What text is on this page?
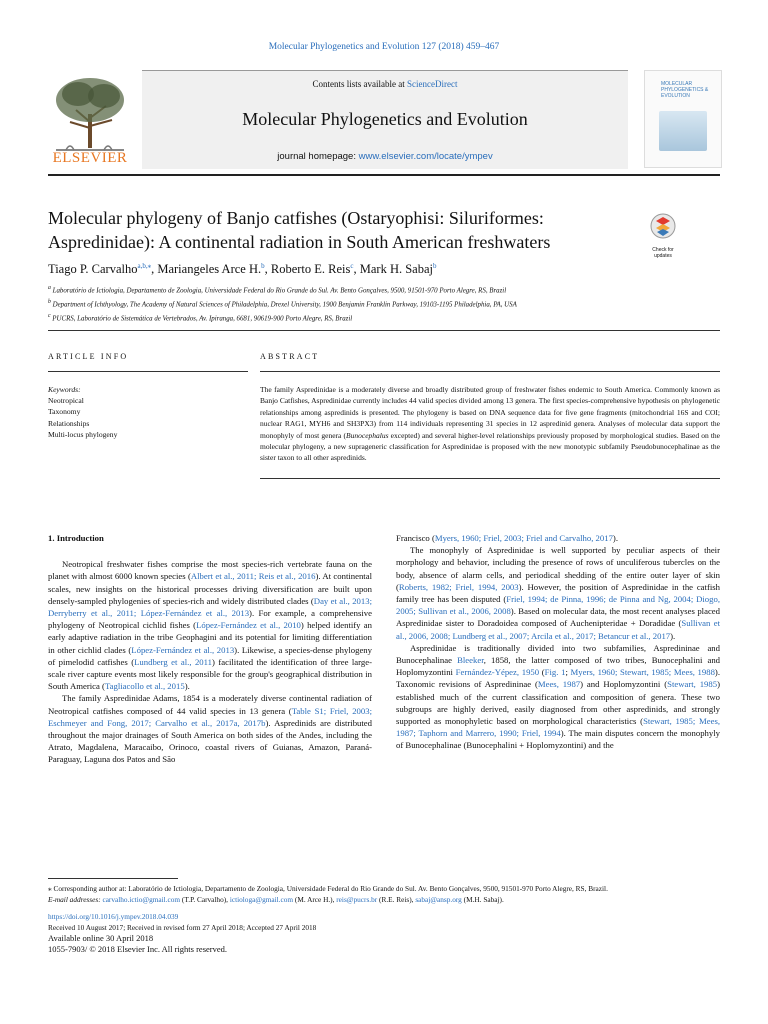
Molecular Phylogenetics and Evolution 127 (2018) 459–467
ELSEVIER
Contents lists available at ScienceDirect
Molecular Phylogenetics and Evolution
journal homepage: www.elsevier.com/locate/ympev
MOLECULAR PHYLOGENETICS & EVOLUTION
Molecular phylogeny of Banjo catfishes (Ostaryophisi: Siluriformes: Aspredinidae): A continental radiation in South American freshwaters	Check for updates
Tiago P. Carvalho$^{a,b,⁎}$, Mariangeles Arce H.$^b$, Roberto E. Reis$^c$, Mark H. Sabaj$^b$
$^a$ Laboratório de Ictiologia, Departamento de Zoologia, Universidade Federal do Rio Grande do Sul. Av. Bento Gonçalves, 9500, 91501-970 Porto Alegre, RS, Brazil
$^b$ Department of Ichthyology, The Academy of Natural Sciences of Philadelphia, Drexel University, 1900 Benjamin Franklin Parkway, 19103-1195 Philadelphia, PA, USA
$^c$ PUCRS, Laboratório de Sistemática de Vertebrados, Av. Ipiranga, 6681, 90619-900 Porto Alegre, RS, Brazil
ARTICLE INFO
Keywords:
Neotropical
Taxonomy
Relationships
Multi-locus phylogeny
ABSTRACT
The family Aspredinidae is a moderately diverse and broadly distributed group of freshwater fishes endemic to South America. Commonly known as Banjo Catfishes, Aspredinidae currently includes 44 valid species divided among 13 genera. The first species-comprehensive hypothesis on phylogenetic relationships among aspredinids is presented. The phylogeny is based on DNA sequence data for five gene fragments (mitochondrial 16S and COI; nuclear RAG1, MYH6 and SH3PX3) from 114 individuals representing 31 species in 12 aspredinid genera. Analyses of molecular data support the monophyly of most genera (Bunocephalus excepted) and several higher-level relationships previously proposed by morphological studies. Based on the molecular phylogeny, a new suprageneric classification for Aspredinidae is proposed with the new monotypic subfamily Pseudobunocephalinae as the sister taxon to all other aspredinids.
1. Introduction

Neotropical freshwater fishes comprise the most species-rich vertebrate fauna on the planet with almost 6000 known species (Albert et al., 2011; Reis et al., 2016). At continental scales, new insights on the historical processes driving diversification are built upon densely-sampled phylogenies of species-rich and widely distributed clades (Day et al., 2013; Derryberry et al., 2011; López-Fernández et al., 2013). For example, a comprehensive phylogeny of Neotropical cichlid fishes (López-Fernández et al., 2010) helped identify an early adaptive radiation in the tribe Geophagini and its potential for limiting differentiation in other cichlid clades (López-Fernández et al., 2013). Likewise, a species-dense phylogeny of pimelodid catfishes (Lundberg et al., 2011) facilitated the identification of three large-scale river capture events most likely responsible for the group's geographical distribution in South America (Tagliacollo et al., 2015).

The family Aspredinidae Adams, 1854 is a moderately diverse continental radiation of Neotropical catfishes composed of 44 valid species in 13 genera (Table S1; Friel, 2003; Eschmeyer and Fong, 2017; Carvalho et al., 2017a, 2017b). Aspredinids are distributed throughout the major drainages of South America on both sides of the Andes, including the Atrato, Magdalena, Maracaibo, Orinoco, coastal rivers of Guianas, Amazon, Paraná-Paraguay, Laguna dos Patos and São

Francisco (Myers, 1960; Friel, 2003; Friel and Carvalho, 2017).

The monophyly of Aspredinidae is well supported by peculiar aspects of their morphology and behavior, including the presence of rows of unculiferous tubercles on the body, absence of alarm cells, and periodical shedding of the entire outer layer of skin (Roberts, 1982; Friel, 1994, 2003). However, the position of Aspredinidae in the catfish family tree has been disputed (Friel, 1994; de Pinna, 1996; de Pinna and Ng, 2004; Diogo, 2005; Sullivan et al., 2006, 2008). Based on molecular data, the most recent analyses placed Aspredinidae sister to Doradoidea composed of Auchenipteridae + Doradidae (Sullivan et al., 2006, 2008; Lundberg et al., 2007; Arcila et al., 2017; Betancur et al., 2017).

Aspredinidae is traditionally divided into two subfamilies, Aspredininae and Bunocephalinae Bleeker, 1858, the latter composed of two tribes, Bunocephalini and Hoplomyzontini Fernández-Yépez, 1950 (Fig. 1; Myers, 1960; Stewart, 1985; Mees, 1988). Taxonomic revisions of Aspredininae (Mees, 1987) and Hoplomyzontini (Stewart, 1985) established much of the current classification and composition of genera. These two subgroups are highly derived, easily diagnosed from other aspredinids, and strongly supported as monophyletic based on morphological characteristics (Stewart, 1985; Mees, 1987; Taphorn and Marrero, 1990; Friel, 1994). The main disputes concern the monophyly of Bunocephalinae (Bunocephalini + Hoplomyzontini) and the

⁎ Corresponding author at: Laboratório de Ictiologia, Departamento de Zoologia, Universidade Federal do Rio Grande do Sul. Av. Bento Gonçalves, 9500, 91501-970 Porto Alegre, RS, Brazil.

E-mail addresses: carvalho.ictio@gmail.com (T.P. Carvalho), ictiologa@gmail.com (M. Arce H.), reis@pucrs.br (R.E. Reis), sabaj@ansp.org (M.H. Sabaj).

https://doi.org/10.1016/j.ympev.2018.04.039

Received 10 August 2017; Received in revised form 27 April 2018; Accepted 27 April 2018

Available online 30 April 2018

1055-7903/ © 2018 Elsevier Inc. All rights reserved.
